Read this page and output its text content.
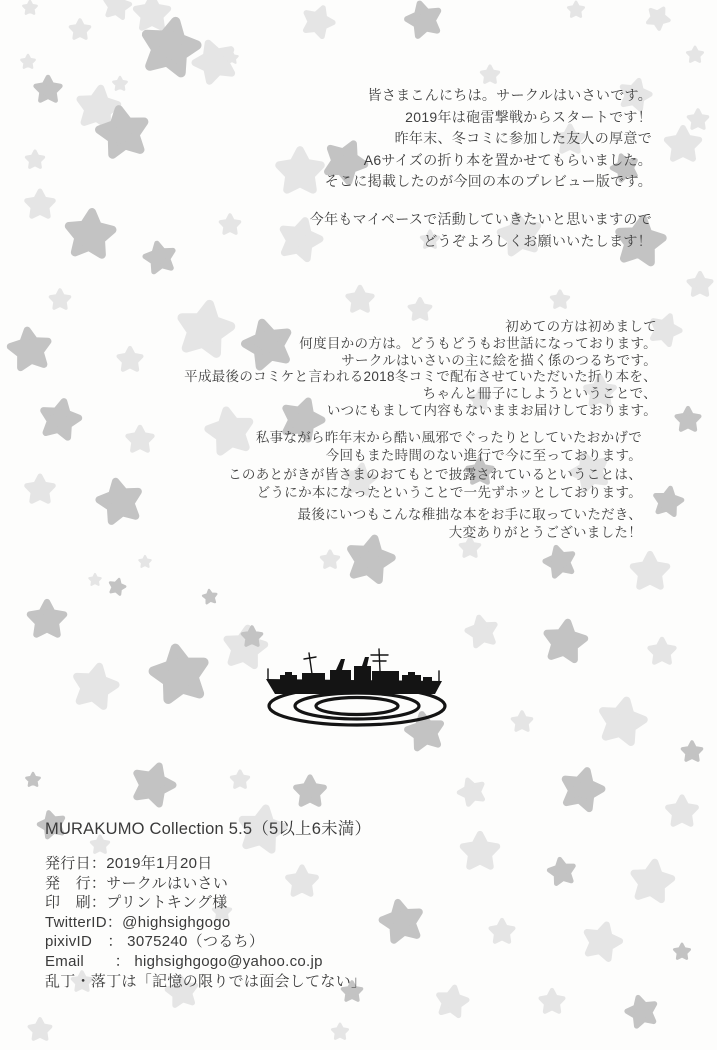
皆さまこんにちは。サークルはいさいです。
2019年は砲雷撃戦からスタートです！
昨年末、冬コミに参加した友人の厚意で
A6サイズの折り本を置かせてもらいました。
そこに掲載したのが今回の本のプレビュー版です。
今年もマイペースで活動していきたいと思いますので
どうぞよろしくお願いいたします！
初めての方は初めまして
何度目かの方は。どうもどうもお世話になっております。
サークルはいさいの主に絵を描く係のつるちです。
平成最後のコミケと言われる2018冬コミで配布させていただいた折り本を、
ちゃんと冊子にしようということで、
いつにもまして内容もないままお届けしております。
私事ながら昨年末から酷い風邪でぐったりとしていたおかげで
今回もまた時間のない進行で今に至っております。
このあとがきが皆さまのおてもとで披露されているということは、
どうにか本になったということで一先ずホッとしております。
最後にいつもこんな稚拙な本をお手に取っていただき、
大変ありがとうございました！
MURAKUMO Collection 5.5（5以上6未満）
発行日：2019年1月20日
発　行：サークルはいさい
印　刷：プリントキング様
TwitterID：@highsighgogo
pixivID　： 3075240（つるち）
Email　　： highsighgogo@yahoo.co.jp
乱丁・落丁は「記憶の限りでは面会してない」
